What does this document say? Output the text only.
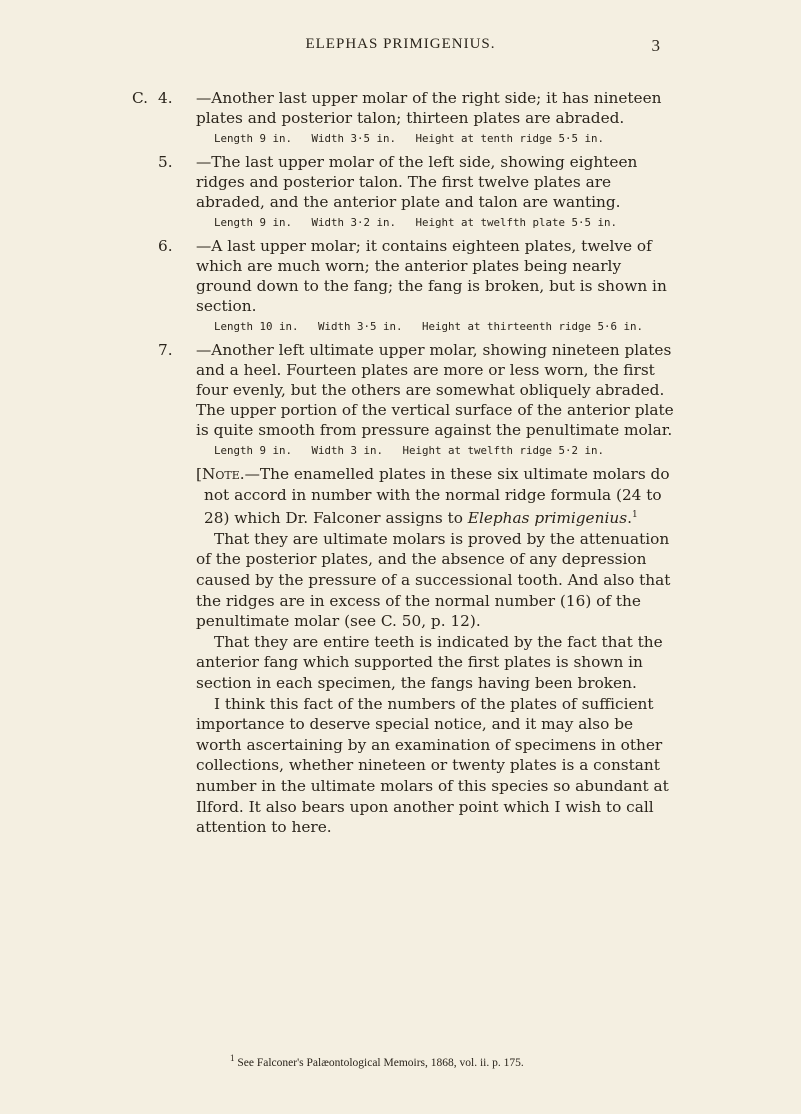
ELEPHAS PRIMIGENIUS.	3
C. 4. —Another last upper molar of the right side; it has nineteen plates and posterior talon; thirteen plates are abraded.
Length 9 in.   Width 3·5 in.   Height at tenth ridge 5·5 in.
5. —The last upper molar of the left side, showing eighteen ridges and posterior talon. The first twelve plates are abraded, and the anterior plate and talon are wanting.
Length 9 in.   Width 3·2 in.   Height at twelfth plate 5·5 in.
6. —A last upper molar; it contains eighteen plates, twelve of which are much worn; the anterior plates being nearly ground down to the fang; the fang is broken, but is shown in section.
Length 10 in.   Width 3·5 in.   Height at thirteenth ridge 5·6 in.
7. —Another left ultimate upper molar, showing nineteen plates and a heel. Fourteen plates are more or less worn, the first four evenly, but the others are somewhat obliquely abraded. The upper portion of the vertical surface of the anterior plate is quite smooth from pressure against the penultimate molar.
Length 9 in.   Width 3 in.   Height at twelfth ridge 5·2 in.

[Note.—The enamelled plates in these six ultimate molars do not accord in number with the normal ridge formula (24 to 28) which Dr. Falconer assigns to Elephas primigenius.$^1$

That they are ultimate molars is proved by the attenuation of the posterior plates, and the absence of any depression caused by the pressure of a successional tooth. And also that the ridges are in excess of the normal number (16) of the penultimate molar (see C. 50, p. 12).

That they are entire teeth is indicated by the fact that the anterior fang which supported the first plates is shown in section in each specimen, the fangs having been broken.

I think this fact of the numbers of the plates of sufficient importance to deserve special notice, and it may also be worth ascertaining by an examination of specimens in other collections, whether nineteen or twenty plates is a constant number in the ultimate molars of this species so abundant at Ilford. It also bears upon another point which I wish to call attention to here.

$^1$ See Falconer's Palæontological Memoirs, 1868, vol. ii. p. 175.
